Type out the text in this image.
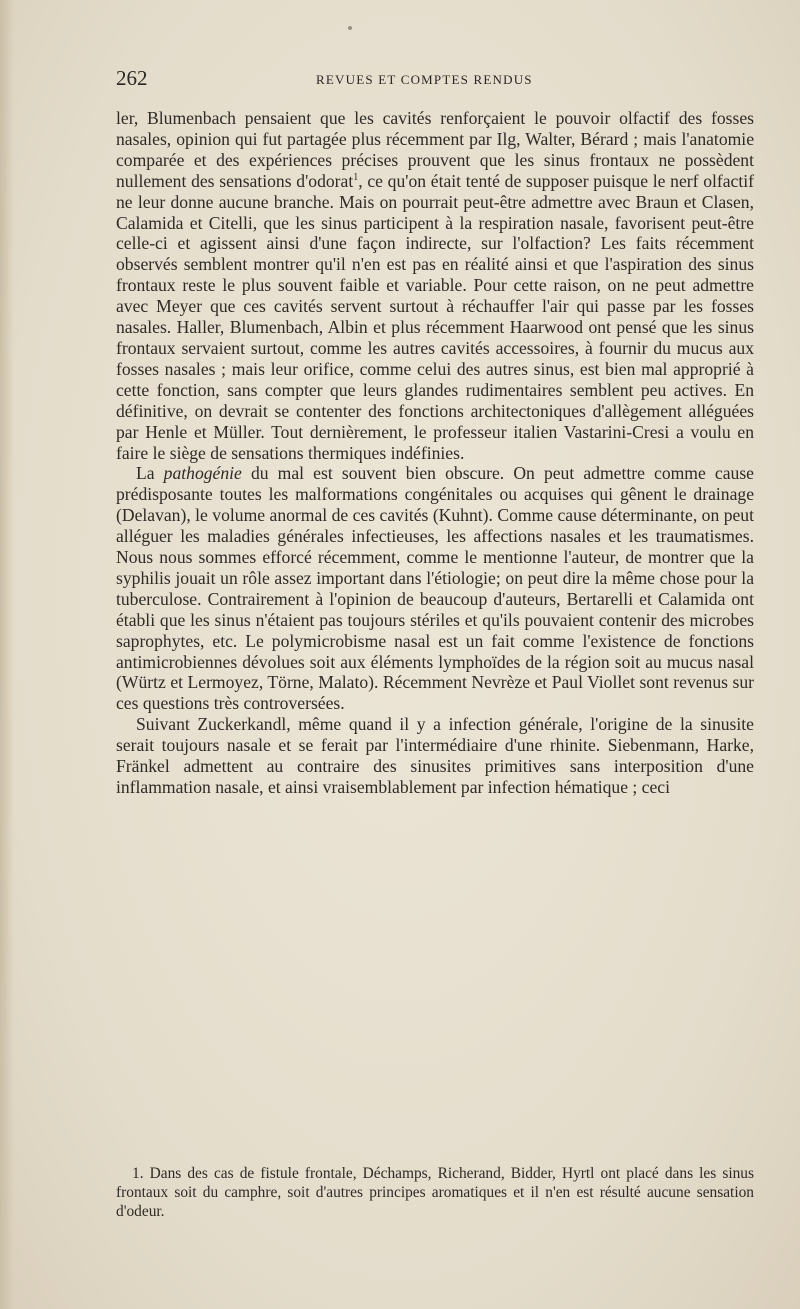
262	REVUES ET COMPTES RENDUS

ler, Blumenbach pensaient que les cavités renforçaient le pouvoir olfactif des fosses nasales, opinion qui fut partagée plus récemment par Ilg, Walter, Bérard ; mais l'anatomie comparée et des expériences précises prouvent que les sinus frontaux ne possèdent nullement des sensations d'odorat$^1$, ce qu'on était tenté de supposer puisque le nerf olfactif ne leur donne aucune branche. Mais on pourrait peut-être admettre avec Braun et Clasen, Calamida et Citelli, que les sinus participent à la respiration nasale, favorisent peut-être celle-ci et agissent ainsi d'une façon indirecte, sur l'olfaction? Les faits récemment observés semblent montrer qu'il n'en est pas en réalité ainsi et que l'aspiration des sinus frontaux reste le plus souvent faible et variable. Pour cette raison, on ne peut admettre avec Meyer que ces cavités servent surtout à réchauffer l'air qui passe par les fosses nasales. Haller, Blumenbach, Albin et plus récemment Haarwood ont pensé que les sinus frontaux servaient surtout, comme les autres cavités accessoires, à fournir du mucus aux fosses nasales ; mais leur orifice, comme celui des autres sinus, est bien mal approprié à cette fonction, sans compter que leurs glandes rudimentaires semblent peu actives. En définitive, on devrait se contenter des fonctions architectoniques d'allègement alléguées par Henle et Müller. Tout dernièrement, le professeur italien Vastarini-Cresi a voulu en faire le siège de sensations thermiques indéfinies.

La pathogénie du mal est souvent bien obscure. On peut admettre comme cause prédisposante toutes les malformations congénitales ou acquises qui gênent le drainage (Delavan), le volume anormal de ces cavités (Kuhnt). Comme cause déterminante, on peut alléguer les maladies générales infectieuses, les affections nasales et les traumatismes. Nous nous sommes efforcé récemment, comme le mentionne l'auteur, de montrer que la syphilis jouait un rôle assez important dans l'étiologie; on peut dire la même chose pour la tuberculose. Contrairement à l'opinion de beaucoup d'auteurs, Bertarelli et Calamida ont établi que les sinus n'étaient pas toujours stériles et qu'ils pouvaient contenir des microbes saprophytes, etc. Le polymicrobisme nasal est un fait comme l'existence de fonctions antimicrobiennes dévolues soit aux éléments lymphoïdes de la région soit au mucus nasal (Würtz et Lermoyez, Törne, Malato). Récemment Nevrèze et Paul Viollet sont revenus sur ces questions très controversées.

Suivant Zuckerkandl, même quand il y a infection générale, l'origine de la sinusite serait toujours nasale et se ferait par l'intermédiaire d'une rhinite. Siebenmann, Harke, Fränkel admettent au contraire des sinusites primitives sans interposition d'une inflammation nasale, et ainsi vraisemblablement par infection hématique ; ceci

1. Dans des cas de fistule frontale, Déchamps, Richerand, Bidder, Hyrtl ont placé dans les sinus frontaux soit du camphre, soit d'autres principes aromatiques et il n'en est résulté aucune sensation d'odeur.
